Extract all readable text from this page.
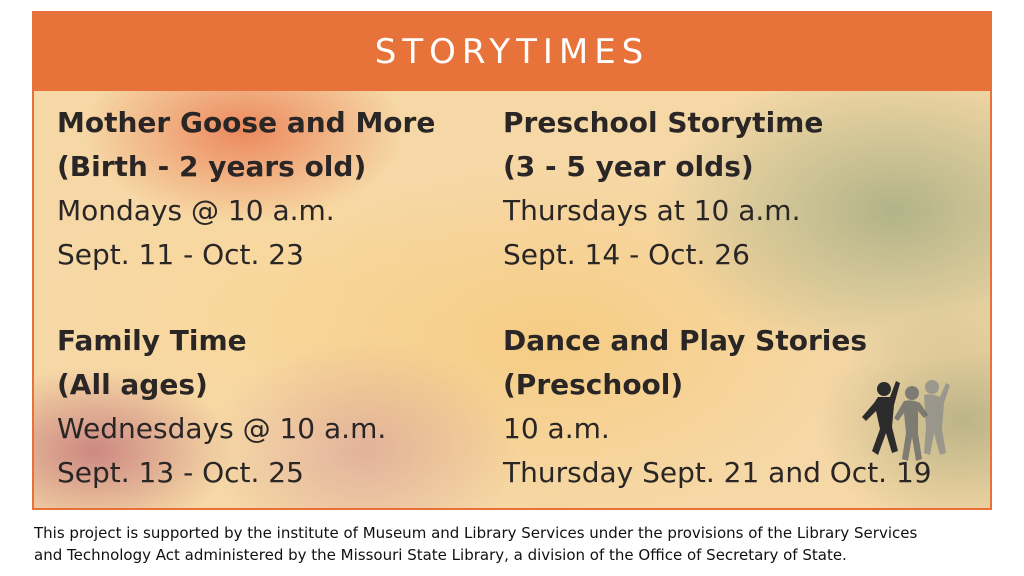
STORYTIMES
Mother Goose and More
(Birth - 2 years old)
Mondays @ 10 a.m.
Sept. 11 - Oct. 23
Preschool Storytime
(3 - 5 year olds)
Thursdays at 10 a.m.
Sept. 14 - Oct. 26
Family Time
(All ages)
Wednesdays @ 10 a.m.
Sept. 13 - Oct. 25
Dance and Play Stories
(Preschool)
10 a.m.
Thursday Sept. 21 and Oct. 19
This project is supported by the institute of Museum and Library Services under the provisions of the Library Services
and Technology Act administered by the Missouri State Library, a division of the Office of Secretary of State.
